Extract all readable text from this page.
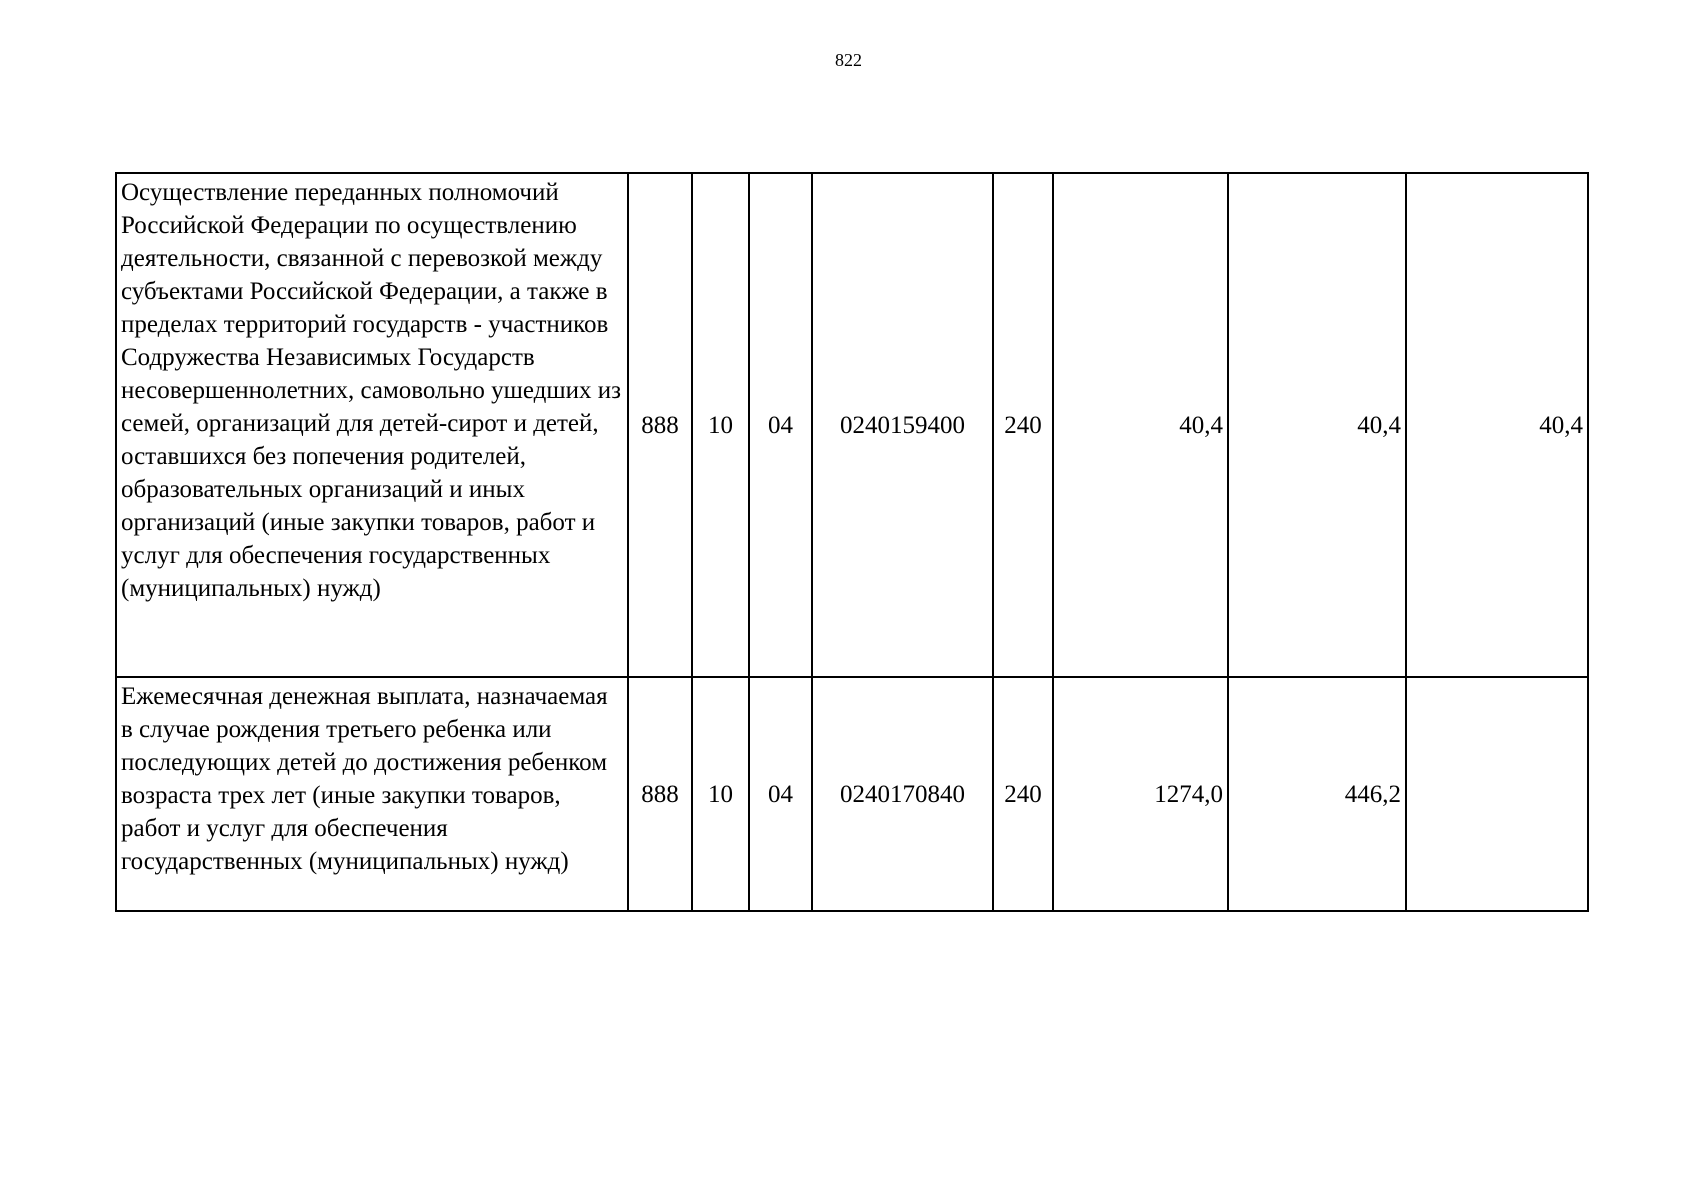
822
Осуществление переданных полномочий Российской Федерации по осуществлению деятельности, связанной с перевозкой между субъектами Российской Федерации, а также в пределах территорий государств - участников Содружества Независимых Государств несовершеннолетних, самовольно ушедших из семей, организаций для детей-сирот и детей, оставшихся без попечения родителей, образовательных организаций и иных организаций (иные закупки товаров, работ и услуг для обеспечения государственных (муниципальных) нужд)	888	10	04	0240159400	240	40,4	40,4	40,4
Ежемесячная денежная выплата, назначаемая в случае рождения третьего ребенка или последующих детей до достижения ребенком возраста трех лет (иные закупки товаров, работ и услуг для обеспечения государственных (муниципальных) нужд)	888	10	04	0240170840	240	1274,0	446,2	
